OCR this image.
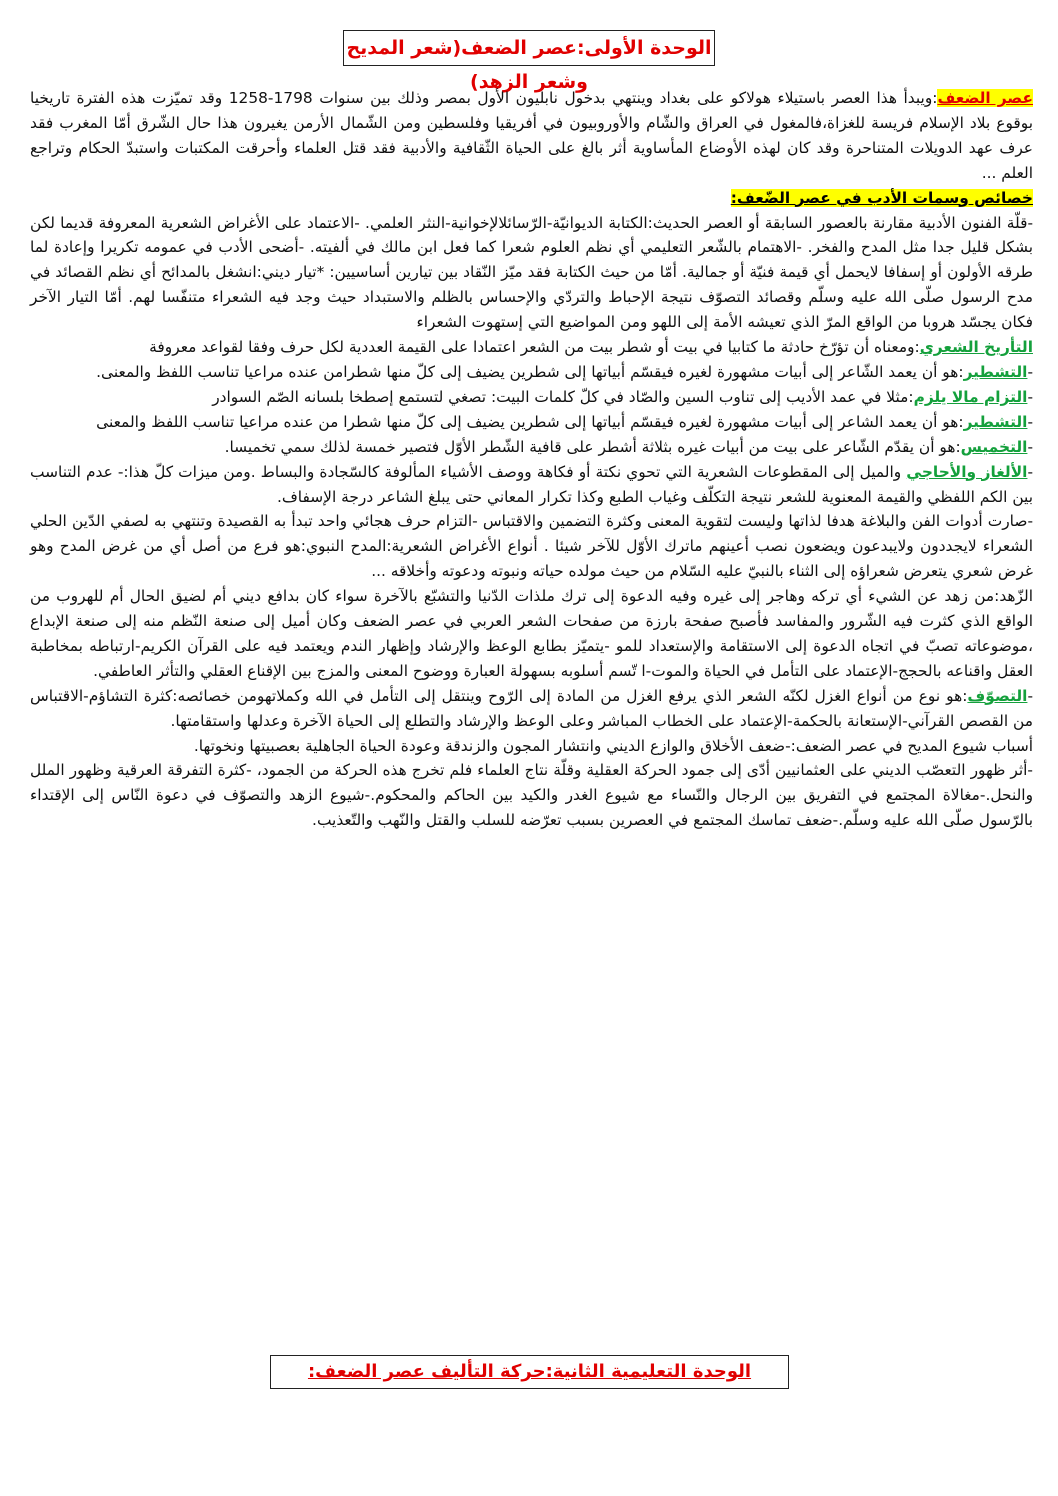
الوحدة الأولى:عصر الضعف(شعر المديح وشعر الزهد)

عصر الضعف:ويبدأ هذا العصر باستيلاء هولاكو على بغداد وينتهي بدخول نابليون الأول بمصر وذلك بين سنوات 1258-1798 وقد تميّزت هذه الفترة تاريخيا بوقوع بلاد الإسلام فريسة للغزاة،فالمغول في العراق والشّام والأوروبيون في أفريقيا وفلسطين ومن الشّمال الأرمن يغيرون هذا حال الشّرق أمّا المغرب فقد عرف عهد الدويلات المتناحرة وقد كان لهذه الأوضاع المأساوية أثر بالغ على الحياة الثّقافية والأدبية فقد قتل العلماء وأحرقت المكتبات واستبدّ الحكام وتراجع العلم ...

خصائص وسمات الأدب في عصر الضّعف:

-قلّة الفنون الأدبية مقارنة بالعصور السابقة أو العصر الحديث:الكتابة الديوانيّة-الرّسائلالإخوانية-النثر العلمي. -الاعتماد على الأغراض الشعرية المعروفة قديما لكن بشكل قليل جدا مثل المدح والفخر. -الاهتمام بالشّعر التعليمي أي نظم العلوم شعرا كما فعل ابن مالك في ألفيته. -أضحى الأدب في عمومه تكريرا وإعادة لما طرقه الأولون أو إسفافا لايحمل أي قيمة فنيّة أو جمالية. أمّا من حيث الكتابة فقد ميّز النّقاد بين تيارين أساسيين: *تيار ديني:انشغل بالمدائح أي نظم القصائد في مدح الرسول صلّى الله عليه وسلّم وقصائد التصوّف نتيجة الإحباط والتردّي والإحساس بالظلم والاستبداد حيث وجد فيه الشعراء متنفّسا لهم. أمّا التيار الآخر فكان يجسّد هروبا من الواقع المرّ الذي تعيشه الأمة إلى اللهو ومن المواضيع التي إستهوت الشعراء

التأريخ الشعري:ومعناه أن تؤرّخ حادثة ما كتابيا في بيت أو شطر بيت من الشعر اعتمادا على القيمة العددية لكل حرف وفقا لقواعد معروفة

-التشطير:هو أن يعمد الشّاعر إلى أبيات مشهورة لغيره فيقسّم أبياتها إلى شطرين يضيف إلى كلّ منها شطرامن عنده مراعيا تناسب اللفظ والمعنى.

-التزام مالا يلزم:مثلا في عمد الأديب إلى تناوب السين والصّاد في كلّ كلمات البيت: تصغي لتستمع إصطخا بلسانه الصّم السوادر

-التشطير:هو أن يعمد الشاعر إلى أبيات مشهورة لغيره فيقسّم أبياتها إلى شطرين يضيف إلى كلّ منها شطرا من عنده مراعيا تناسب اللفظ والمعنى

-التخميس:هو أن يقدّم الشّاعر على بيت من أبيات غيره بثلاثة أشطر على قافية الشّطر الأوّل فتصير خمسة لذلك سمي تخميسا.

-الألغاز والأحاجي والميل إلى المقطوعات الشعرية التي تحوي نكتة أو فكاهة ووصف الأشياء المألوفة كالسّجادة والبساط .ومن ميزات كلّ هذا:- عدم التناسب بين الكم اللفظي والقيمة المعنوية للشعر نتيجة التكلّف وغياب الطبع وكذا تكرار المعاني حتى يبلغ الشاعر درجة الإسفاف.

-صارت أدوات الفن والبلاغة هدفا لذاتها وليست لتقوية المعنى وكثرة التضمين والاقتباس -التزام حرف هجائي واحد تبدأ به القصيدة وتنتهي به لصفي الدّين الحلي الشعراء لايجددون ولايبدعون ويضعون نصب أعينهم ماترك الأوّل للآخر شيئا . أنواع الأغراض الشعرية:المدح النبوي:هو فرع من أصل أي من غرض المدح وهو غرض شعري يتعرض شعراؤه إلى الثناء بالنبيّ عليه السّلام من حيث مولده حياته ونبوته ودعوته وأخلاقه ...

الزّهد:من زهد عن الشيء أي تركه وهاجر إلى غيره وفيه الدعوة إلى ترك ملذات الدّنيا والتشبّع بالآخرة سواء كان بدافع ديني أم لضيق الحال أم للهروب من الواقع الذي كثرت فيه الشّرور والمفاسد فأصبح صفحة بارزة من صفحات الشعر العربي في عصر الضعف وكان أميل إلى صنعة النّظم منه إلى صنعة الإبداع ،موضوعاته تصبّ في اتجاه الدعوة إلى الاستقامة والإستعداد للمو -يتميّز بطابع الوعظ والإرشاد وإظهار الندم ويعتمد فيه على القرآن الكريم-ارتباطه بمخاطبة العقل واقناعه بالحجج-الإعتماد على التأمل في الحياة والموت-ا تّسم أسلوبه بسهولة العبارة ووضوح المعنى والمزج بين الإقناع العقلي والتأثر العاطفي.

-التصوّف:هو نوع من أنواع الغزل لكنّه الشعر الذي يرفع الغزل من المادة إلى الرّوح وينتقل إلى التأمل في الله وكملاتهومن خصائصه:كثرة التشاؤم-الاقتباس من القصص القرآني-الإستعانة بالحكمة-الإعتماد على الخطاب المباشر وعلى الوعظ والإرشاد والتطلع إلى الحياة الآخرة وعدلها واستقامتها.

أسباب شيوع المديح في عصر الضعف:-ضعف الأخلاق والوازع الديني وانتشار المجون والزندقة وعودة الحياة الجاهلية بعصبيتها ونخوتها.

-أثر ظهور التعصّب الديني على العثمانيين أدّى إلى جمود الحركة العقلية وقلّة نتاج العلماء فلم تخرج هذه الحركة من الجمود، -كثرة التفرقة العرقية وظهور الملل والنحل.-مغالاة المجتمع في التفريق بين الرجال والنّساء مع شيوع الغدر والكيد بين الحاكم والمحكوم.-شيوع الزهد والتصوّف في دعوة النّاس إلى الإقتداء بالرّسول صلّى الله عليه وسلّم.-ضعف تماسك المجتمع في العصرين بسبب تعرّضه للسلب والقتل والنّهب والتّعذيب.

الوحدة التعليمية الثانية:حركة التأليف عصر الضعف:
